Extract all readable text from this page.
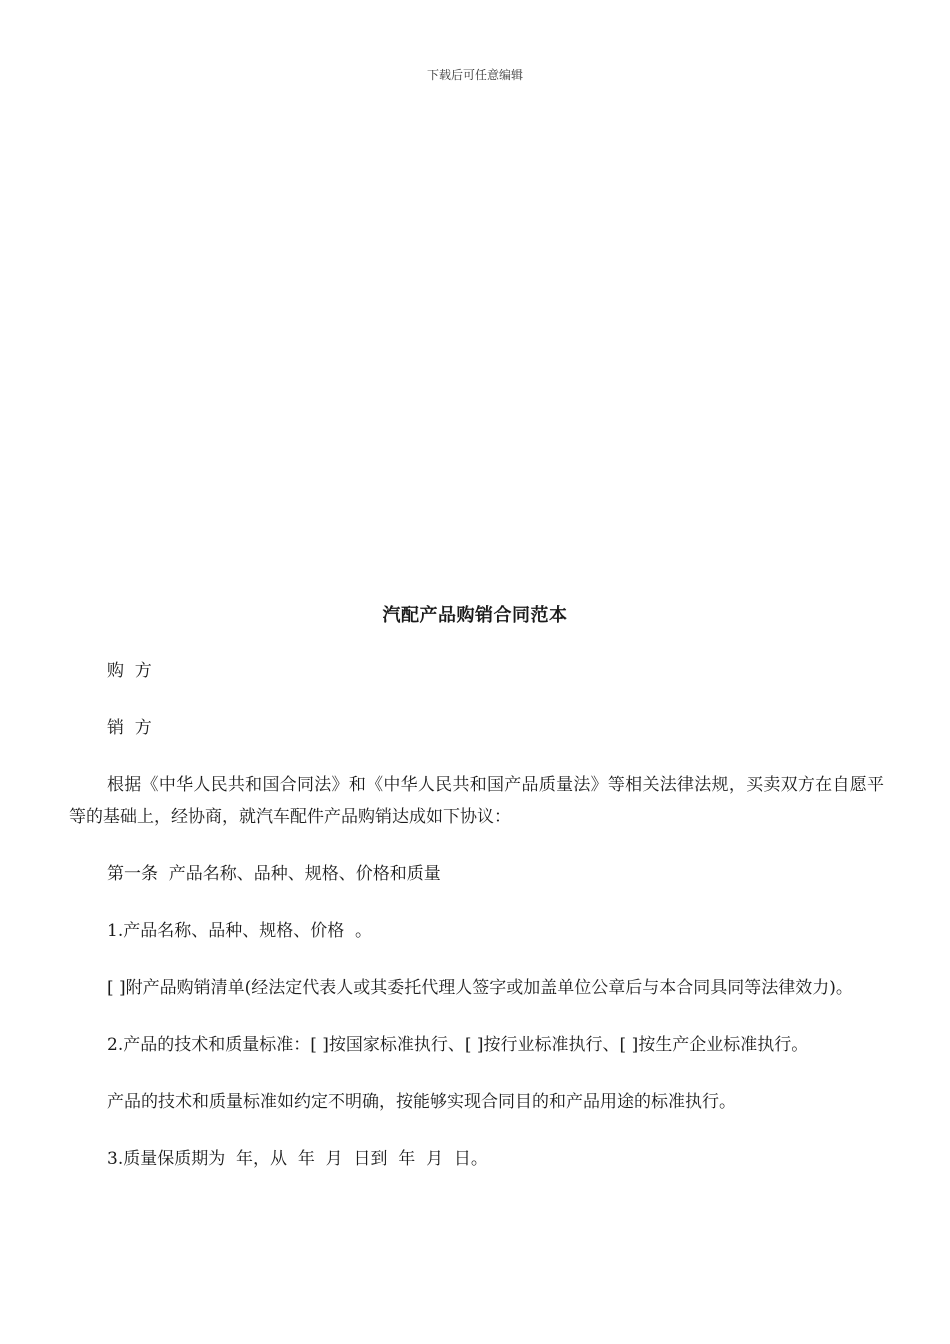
下载后可任意编辑
汽配产品购销合同范本

购  方

销  方

根据《中华人民共和国合同法》和《中华人民共和国产品质量法》等相关法律法规，买卖双方在自愿平等的基础上，经协商，就汽车配件产品购销达成如下协议：

第一条  产品名称、品种、规格、价格和质量

1.产品名称、品种、规格、价格  。

[ ]附产品购销清单(经法定代表人或其委托代理人签字或加盖单位公章后与本合同具同等法律效力)。

2.产品的技术和质量标准：[ ]按国家标准执行、[ ]按行业标准执行、[ ]按生产企业标准执行。

产品的技术和质量标准如约定不明确，按能够实现合同目的和产品用途的标准执行。

3.质量保质期为  年，从  年  月  日到  年  月  日。
